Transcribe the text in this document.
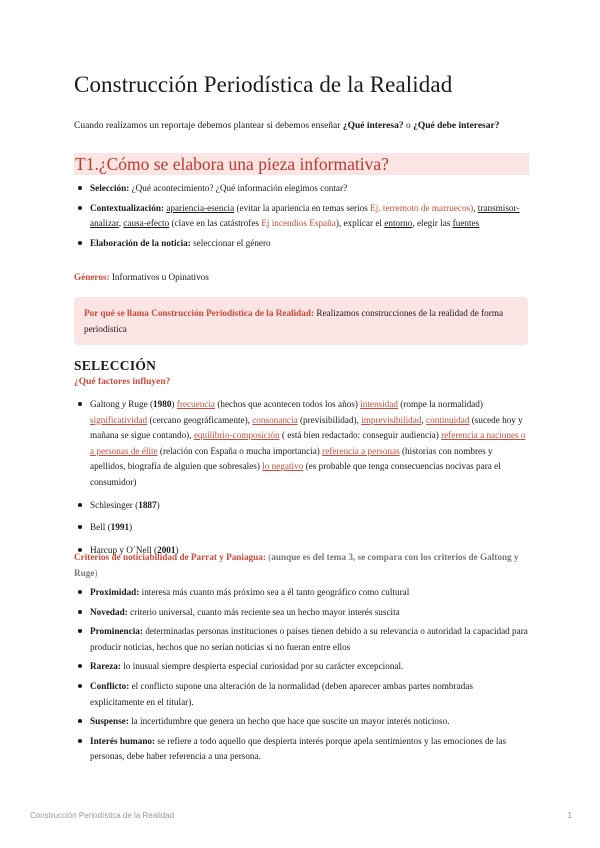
Construcción Periodística de la Realidad
Cuando realizamos un reportaje debemos plantear si debemos enseñar ¿Qué interesa? o ¿Qué debe interesar?
T1.¿Cómo se elabora una pieza informativa?
Selección: ¿Qué acontecimiento? ¿Qué información elegimos contar?
Contextualización: apariencia-esencia (evitar la apariencia en temas serios Ej. terremoto de marruecos), transmisor-analizar, causa-efecto (clave en las catástrofes Ej incendios España), explicar el entorno, elegir las fuentes
Elaboración de la noticia: seleccionar el género
Géneros: Informativos u Opinativos
Por qué se llama Construcción Periodística de la Realidad: Realizamos construcciones de la realidad de forma periodística
SELECCIÓN
¿Qué factores influyen?
Galtong y Ruge (1980) frecuencia (hechos que acontecen todos los años) intensidad (rompe la normalidad) significatividad (cercano geográficamente), consonancia (previsibilidad), imprevisibilidad, continuidad (sucede hoy y mañana se sigue contando), equilibrio-composición ( está bien redactado: conseguir audiencia) referencia a naciones o a personas de élite (relación con España o mucha importancia) referencia a personas (historias con nombres y apellidos, biografía de alguien que sobresales) lo negativo (es probable que tenga consecuencias nocivas para el consumidor)
Schlesinger (1887)
Bell (1991)
Harcup y O´Nell (2001)
Criterios de noticiabilidad de Parrat y Paniagua: (aunque es del tema 3, se compara con los criterios de Galtong y Ruge)
Proximidad: interesa más cuanto más próximo sea a él tanto geográfico como cultural
Novedad: criterio universal, cuanto más reciente sea un hecho mayor interés suscita
Prominencia: determinadas personas instituciones o países tienen debido a su relevancia o autoridad la capacidad para producir noticias, hechos que no serían noticias si no fueran entre ellos
Rareza: lo inusual siempre despierta especial curiosidad por su carácter excepcional.
Conflicto: el conflicto supone una alteración de la normalidad (deben aparecer ambas partes nombradas explícitamente en el titular).
Suspense: la incertidumbre que genera un hecho que hace que suscite un mayor interés noticioso.
Interés humano: se refiere a todo aquello que despierta interés porque apela sentimientos y las emociones de las personas, debe haber referencia a una persona.
Construcción Periodística de la Realidad	1
